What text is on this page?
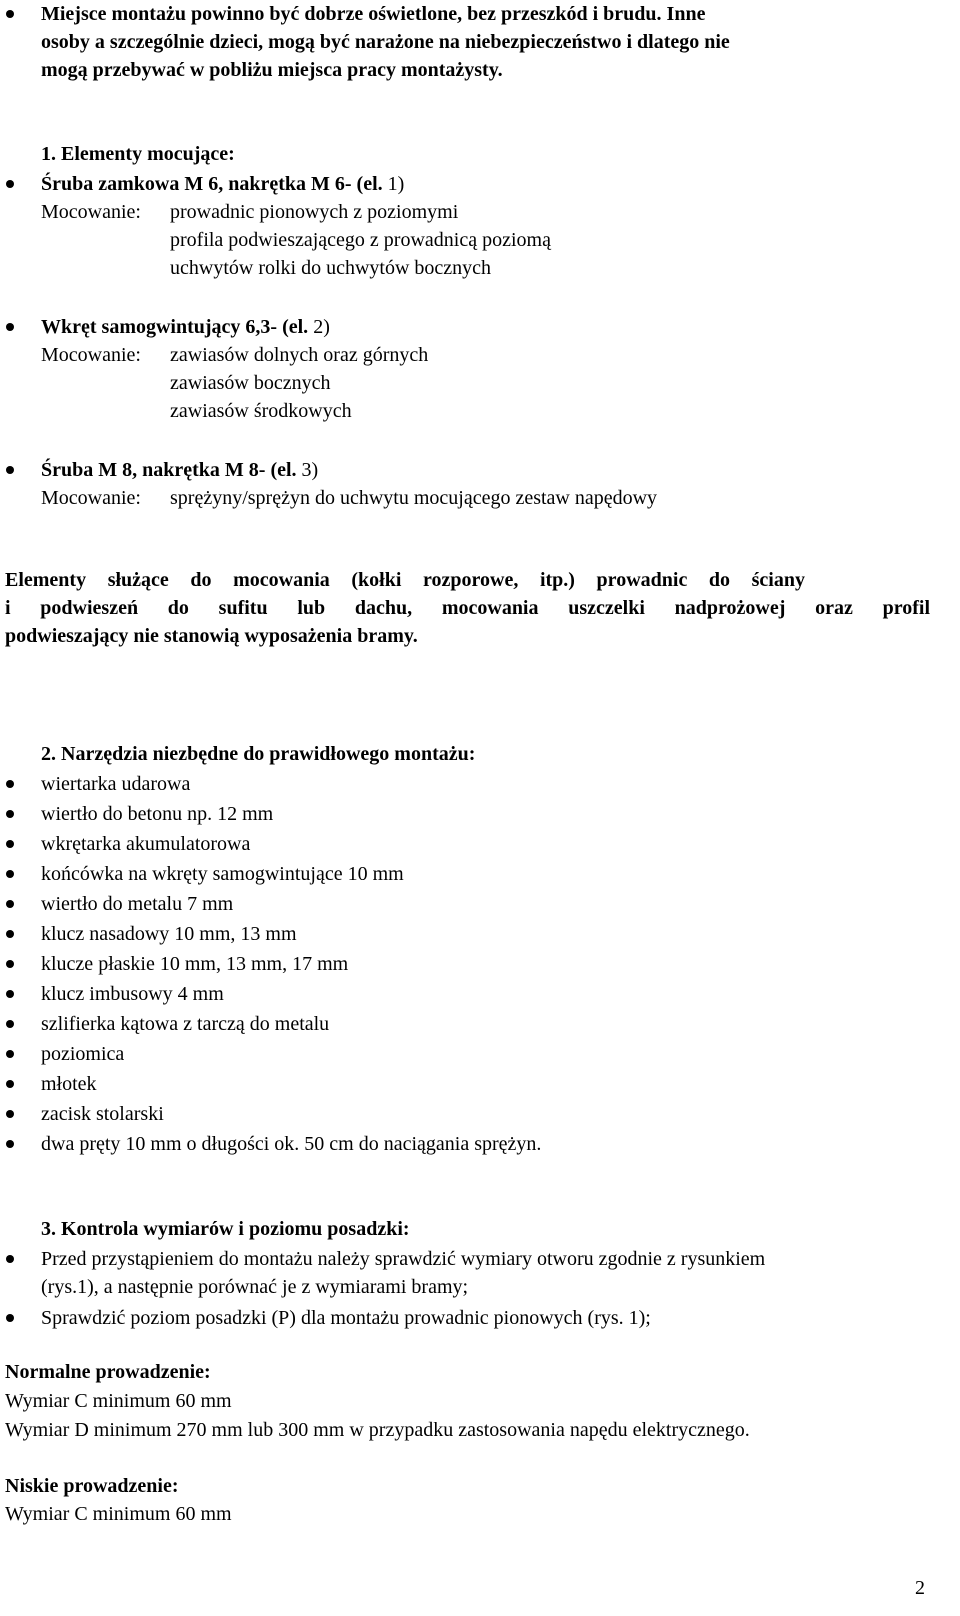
Miejsce montażu powinno być dobrze oświetlone, bez przeszkód i brudu. Inne
osoby a szczególnie dzieci, mogą być narażone na niebezpieczeństwo i dlatego nie
mogą przebywać w pobliżu miejsca pracy montażysty.
1. Elementy mocujące:
Śruba zamkowa M 6, nakrętka M 6- (el. 1)
Mocowanie: prowadnic pionowych z poziomymi
profila podwieszającego z prowadnicą poziomą
uchwytów rolki do uchwytów bocznych
Wkręt samogwintujący 6,3- (el. 2)
Mocowanie: zawiasów dolnych oraz górnych
zawiasów bocznych
zawiasów środkowych
Śruba M 8, nakrętka M 8- (el. 3)
Mocowanie: sprężyny/sprężyn do uchwytu mocującego zestaw napędowy
Elementy służące do mocowania (kołki rozporowe, itp.) prowadnic do ściany
i podwieszeń do sufitu lub dachu, mocowania uszczelki nadprożowej oraz profil
podwieszający nie stanowią wyposażenia bramy.
2. Narzędzia niezbędne do prawidłowego montażu:
wiertarka udarowa
wiertło do betonu np. 12 mm
wkrętarka akumulatorowa
końcówka na wkręty samogwintujące 10 mm
wiertło do metalu 7 mm
klucz nasadowy 10 mm, 13 mm
klucze płaskie 10 mm, 13 mm, 17 mm
klucz imbusowy 4 mm
szlifierka kątowa z tarczą do metalu
poziomica
młotek
zacisk stolarski
dwa pręty 10 mm o długości ok. 50 cm do naciągania sprężyn.
3. Kontrola wymiarów i poziomu posadzki:
Przed przystąpieniem do montażu należy sprawdzić wymiary otworu zgodnie z rysunkiem
(rys.1), a następnie porównać je z wymiarami bramy;
Sprawdzić poziom posadzki (P) dla montażu prowadnic pionowych (rys. 1);
Normalne prowadzenie:
Wymiar C minimum 60 mm
Wymiar D minimum 270 mm lub 300 mm w przypadku zastosowania napędu elektrycznego.
Niskie prowadzenie:
Wymiar C minimum 60 mm
2
